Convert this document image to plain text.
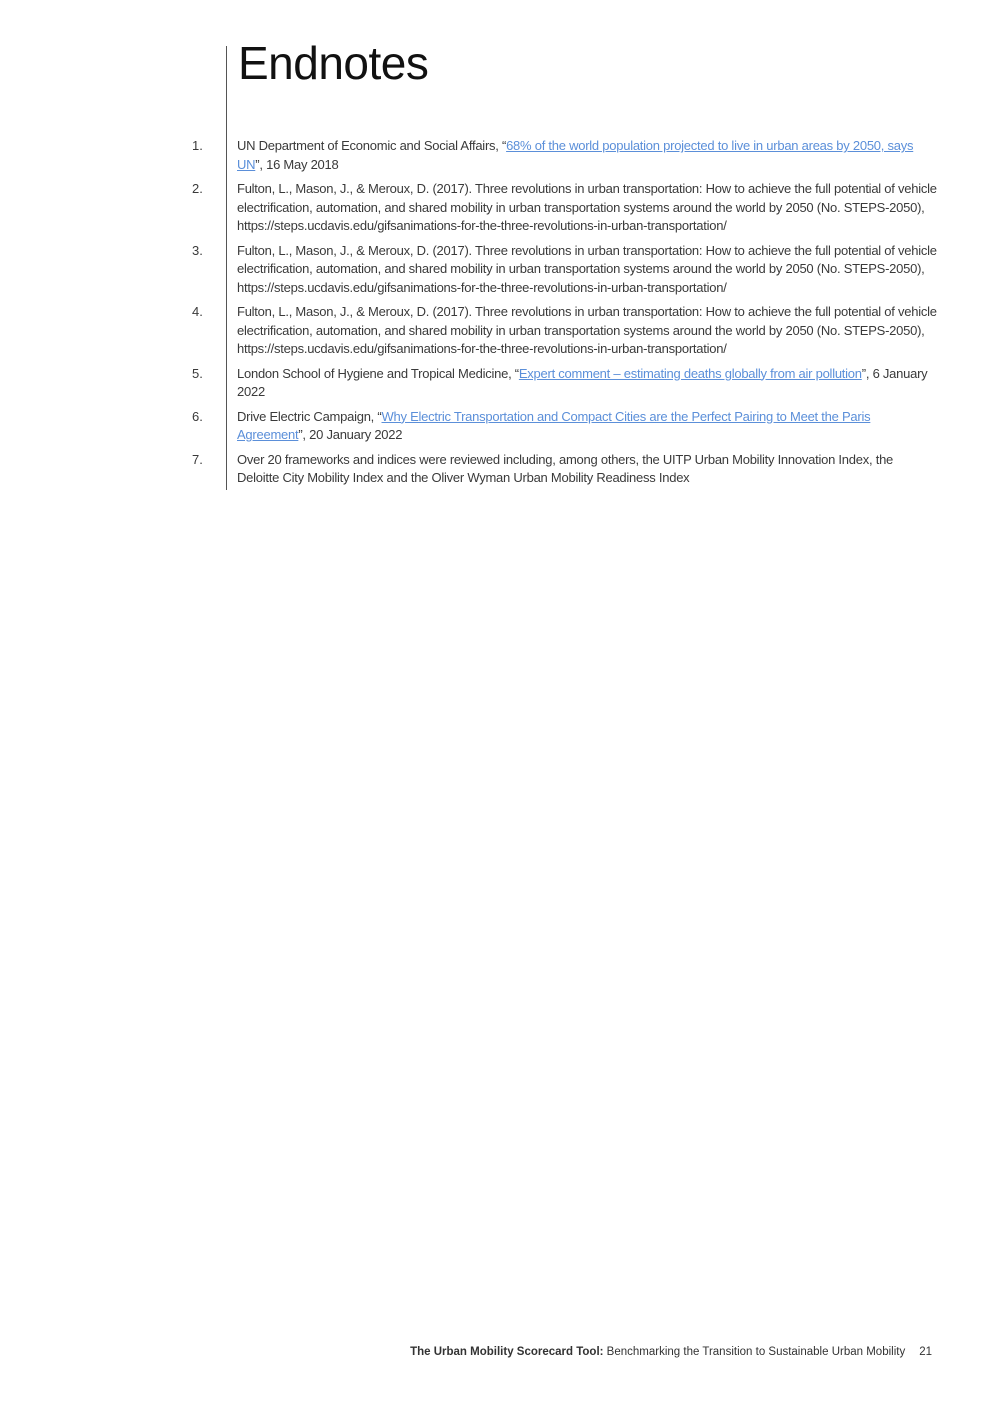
Endnotes
1.	UN Department of Economic and Social Affairs, “68% of the world population projected to live in urban areas by 2050, says UN”, 16 May 2018
2.	Fulton, L., Mason, J., & Meroux, D. (2017). Three revolutions in urban transportation: How to achieve the full potential of vehicle electrification, automation, and shared mobility in urban transportation systems around the world by 2050 (No. STEPS-2050), https://steps.ucdavis.edu/gifsanimations-for-the-three-revolutions-in-urban-transportation/
3.	Fulton, L., Mason, J., & Meroux, D. (2017). Three revolutions in urban transportation: How to achieve the full potential of vehicle electrification, automation, and shared mobility in urban transportation systems around the world by 2050 (No. STEPS-2050), https://steps.ucdavis.edu/gifsanimations-for-the-three-revolutions-in-urban-transportation/
4.	Fulton, L., Mason, J., & Meroux, D. (2017). Three revolutions in urban transportation: How to achieve the full potential of vehicle electrification, automation, and shared mobility in urban transportation systems around the world by 2050 (No. STEPS-2050), https://steps.ucdavis.edu/gifsanimations-for-the-three-revolutions-in-urban-transportation/
5.	London School of Hygiene and Tropical Medicine, “Expert comment – estimating deaths globally from air pollution”, 6 January 2022
6.	Drive Electric Campaign, “Why Electric Transportation and Compact Cities are the Perfect Pairing to Meet the Paris Agreement”, 20 January 2022
7.	Over 20 frameworks and indices were reviewed including, among others, the UITP Urban Mobility Innovation Index, the Deloitte City Mobility Index and the Oliver Wyman Urban Mobility Readiness Index
The Urban Mobility Scorecard Tool: Benchmarking the Transition to Sustainable Urban Mobility 21
